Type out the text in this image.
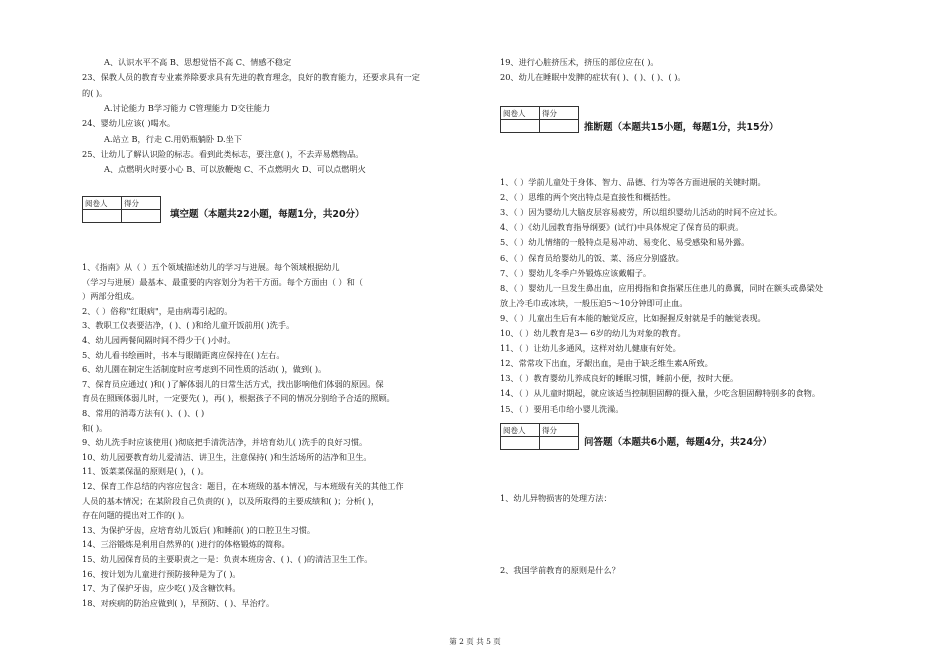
A、认识水平不高 B、思想觉悟不高 C、情感不稳定
23、保教人员的教育专业素养除要求具有先进的教育理念，良好的教育能力，还要求具有一定
的( )。
A.讨论能力 B学习能力 C管理能力 D交往能力
24、婴幼儿应该( )喝水。
A.站立 B，行走 C.用奶瓶躺卧 D.坐下
25、让幼儿了解认识险的标志。看到此类标志，要注意( )，不去弄易燃物品。
A、点燃明火时要小心 B、可以放鞭炮 C、不点燃明火 D、可以点燃明火
阅卷人	得分

填空题（本题共22小题，每题1分，共20分）
1、《指南》从（ ）五个领域描述幼儿的学习与进展。每个领域根据幼儿
（学习与进展）最基本、最重要的内容划分为若干方面。每个方面由（ ）和（
）两部分组成。
2、（ ）俗称"红眼病"，是由病毒引起的。
3、教职工仪表要洁净，( )、( )和给儿童开饭前用( )洗手。
4、幼儿园两餐间隔时间不得少于( )小时。
5、幼儿看书绘画时，书本与眼睛距离应保持在( )左右。
6、幼儿園在制定生活制度时应考虑到不同性质的活动( )，做到( )。
7、保育员应通过( )和( )了解体弱儿的日常生活方式，找出影响他们体弱的原因。保
育员在照顾体弱儿时，一定要先( )，再( )，根据孩子不同的情况分别给予合适的照顾。
8、常用的消毒方法有( )、( )、( )
和( )。
9、幼儿洗手时应该使用( )彻底把手清洗洁净，并培育幼儿( )洗手的良好习惯。
10、幼儿园要教育幼儿爱清洁、讲卫生，注意保持( )和生活场所的洁净和卫生。
11、饭菜菜保温的原则是( )，( )。
12、保育工作总结的内容应包含：题目，在本班级的基本情况，与本班级有关的其他工作
人员的基本情况；在某阶段自己负责的( )，以及所取得的主要成绩和( )；分析( )，
存在问题的提出对工作的( )。
13、为保护牙齿，应培育幼儿饭后( )和睡前( )的口腔卫生习惯。
14、三浴锻炼是利用自然界的( )进行的体格锻炼的简称。
15、幼儿园保育员的主要职责之一是：负责本班房舍、( )、( )的清洁卫生工作。
16、按计划为儿童进行预防接种是为了( )。
17、为了保护牙齿，应少吃( )及含糖饮料。
18、对疾病的防治应做到( )，早预防、( )、早治疗。
19、进行心脏挤压术，挤压的部位应在( )。
20、幼儿在睡眠中发脾的症状有( )、( )、( )、( )。
阅卷人	得分

推断题（本题共15小题，每题1分，共15分）
1、（ ）学前儿童处于身体、智力、品德、行为等各方面进展的关键时期。
2、（ ）思维的两个突出特点是直接性和概括性。
3、（ ）因为婴幼儿大脑皮层容易疲劳，所以组织婴幼儿活动的时间不应过长。
4、（ ）《幼儿园教育指导纲要》(试行)中具体规定了保育员的职责。
5、（ ）幼儿情绪的一般特点是易冲动、易变化、易受感染和易外露。
6、（ ）保育员给婴幼儿的饭、菜、汤应分别盛放。
7、（ ）婴幼儿冬季户外锻炼应该戴帽子。
8、（ ）婴幼儿一旦发生鼻出血，应用拇指和食指紧压住患儿的鼻翼，同时在额头或鼻梁处
放上冷毛巾或冰块，一般压迫5～10分钟即可止血。
9、（ ）儿童出生后有本能的触觉反应，比如握握反射就是手的触觉表现。
10、（ ）幼儿教育是3— 6岁的幼儿为对象的教育。
11、（ ）让幼儿多通风，这样对幼儿健康有好处。
12、常常攻下出血，牙龈出血，是由于缺乏维生素A所致。
13、（ ）教育婴幼儿养成良好的睡眠习惯，睡前小便，按时大便。
14、（ ）从儿童时期起，就应该适当控制胆固醇的摄入量，少吃含胆固醇特别多的食物。
15、（ ）要用毛巾给小婴儿洗澡。
阅卷人	得分

问答题（本题共6小题，每题4分，共24分）
1、幼儿异物损害的处理方法：
2、我国学前教育的原则是什么？
第 2 页 共 5 页
